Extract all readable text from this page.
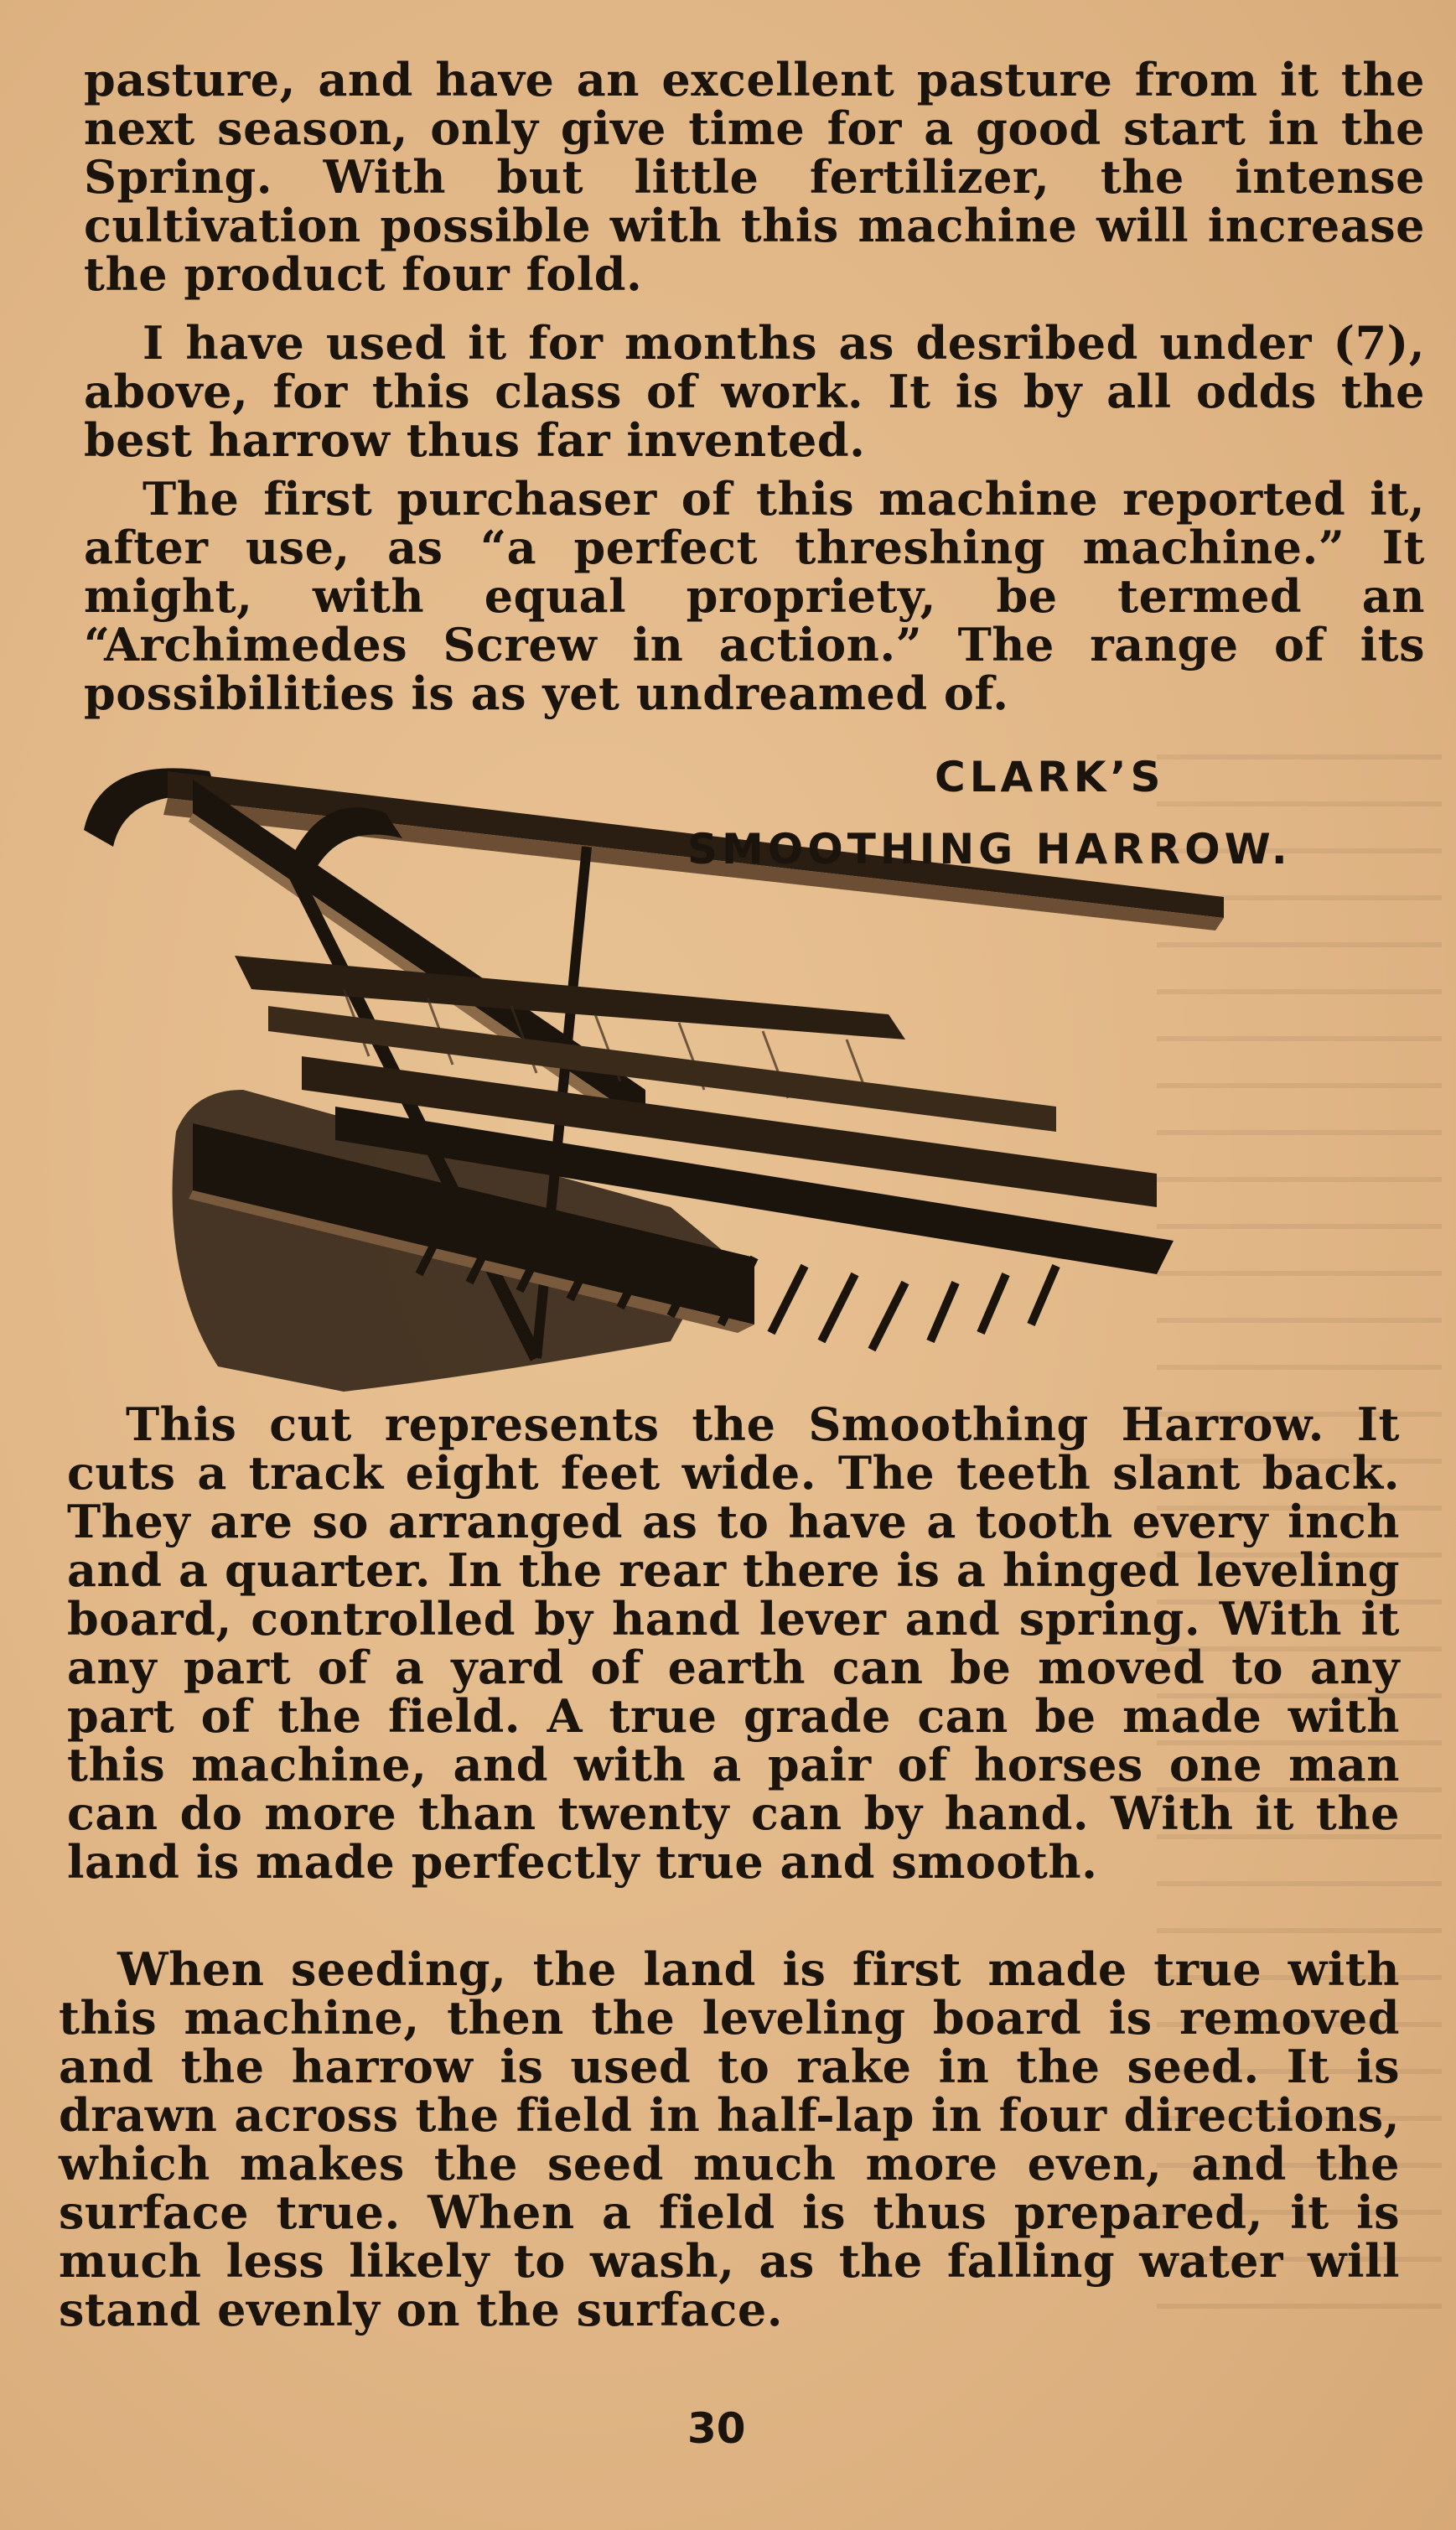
pasture, and have an excellent pasture from it the next season, only give time for a good start in the Spring. With but little fertilizer, the intense cultivation possible with this machine will increase the product four fold.

I have used it for months as desribed under (7), above, for this class of work. It is by all odds the best harrow thus far invented.

The first purchaser of this machine reported it, after use, as “a perfect threshing machine.” It might, with equal propriety, be termed an “Archimedes Screw in action.” The range of its possibilities is as yet undreamed of.

CLARK’S

SMOOTHING HARROW.

This cut represents the Smoothing Harrow. It cuts a track eight feet wide. The teeth slant back. They are so arranged as to have a tooth every inch and a quarter. In the rear there is a hinged leveling board, controlled by hand lever and spring. With it any part of a yard of earth can be moved to any part of the field. A true grade can be made with this machine, and with a pair of horses one man can do more than twenty can by hand. With it the land is made perfectly true and smooth.

When seeding, the land is first made true with this machine, then the leveling board is removed and the harrow is used to rake in the seed. It is drawn across the field in half-lap in four directions, which makes the seed much more even, and the surface true. When a field is thus prepared, it is much less likely to wash, as the falling water will stand evenly on the surface.

30
